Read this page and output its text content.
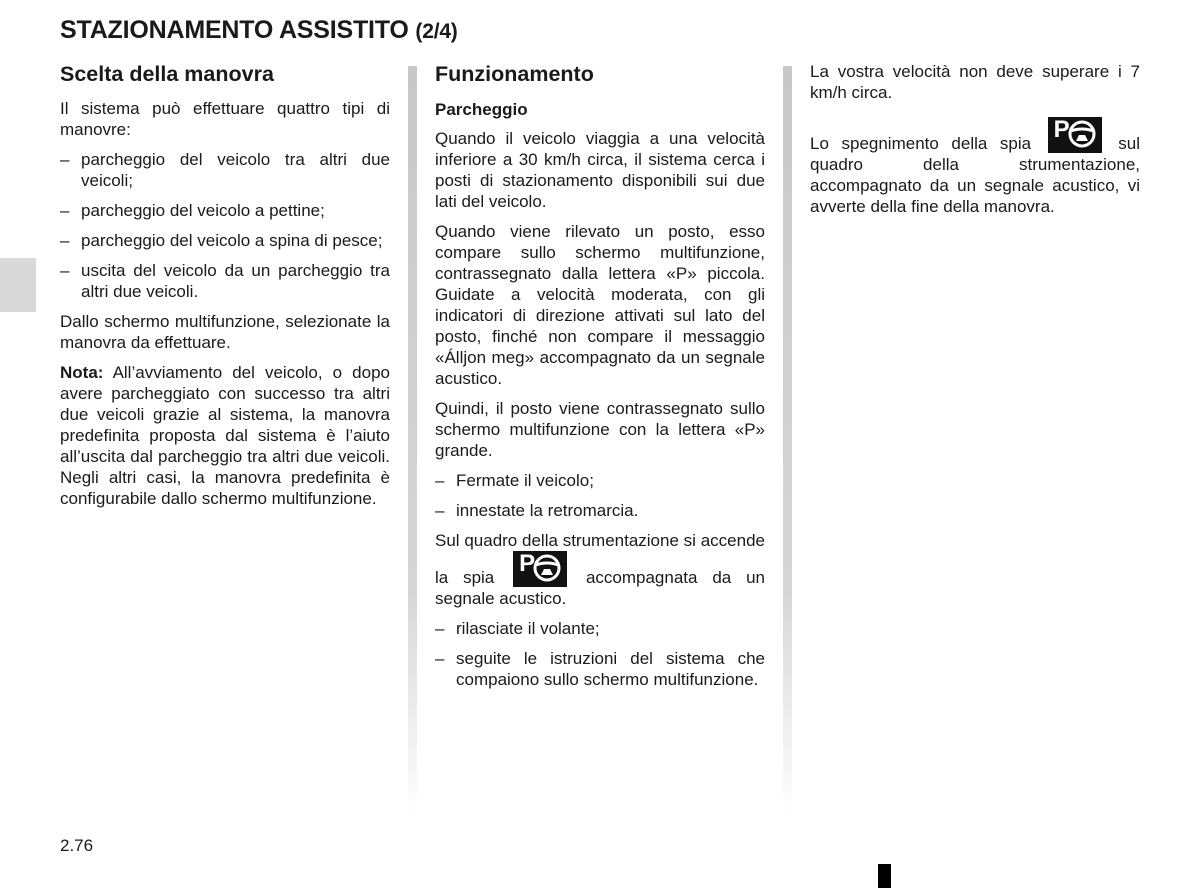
STAZIONAMENTO ASSISTITO (2/4)
Scelta della manovra

Il sistema può effettuare quattro tipi di manovre:

– parcheggio del veicolo tra altri due veicoli;
– parcheggio del veicolo a pettine;
– parcheggio del veicolo a spina di pesce;
– uscita del veicolo da un parcheggio tra altri due veicoli.

Dallo schermo multifunzione, selezionate la manovra da effettuare.

Nota: All’avviamento del veicolo, o dopo avere parcheggiato con successo tra altri due veicoli grazie al sistema, la manovra predefinita proposta dal sistema è l’aiuto all’uscita dal parcheggio tra altri due veicoli. Negli altri casi, la manovra predefinita è configurabile dallo schermo multifunzione.

Funzionamento
Parcheggio

Quando il veicolo viaggia a una velocità inferiore a 30 km/h circa, il sistema cerca i posti di stazionamento disponibili sui due lati del veicolo.

Quando viene rilevato un posto, esso compare sullo schermo multifunzione, contrassegnato dalla lettera «P» piccola. Guidate a velocità moderata, con gli indicatori di direzione attivati sul lato del posto, finché non compare il messaggio «Álljon meg» accompagnato da un segnale acustico.

Quindi, il posto viene contrassegnato sullo schermo multifunzione con la lettera «P» grande.

– Fermate il veicolo;
– innestate la retromarcia.

Sul quadro della strumentazione si accende la spia
P
accompagnata da un segnale acustico.

– rilasciate il volante;
– seguite le istruzioni del sistema che compaiono sullo schermo multifunzione.

La vostra velocità non deve superare i 7 km/h circa.

Lo spegnimento della spia
P
sul quadro della strumentazione, accompagnato da un segnale acustico, vi avverte della fine della manovra.

2.76
